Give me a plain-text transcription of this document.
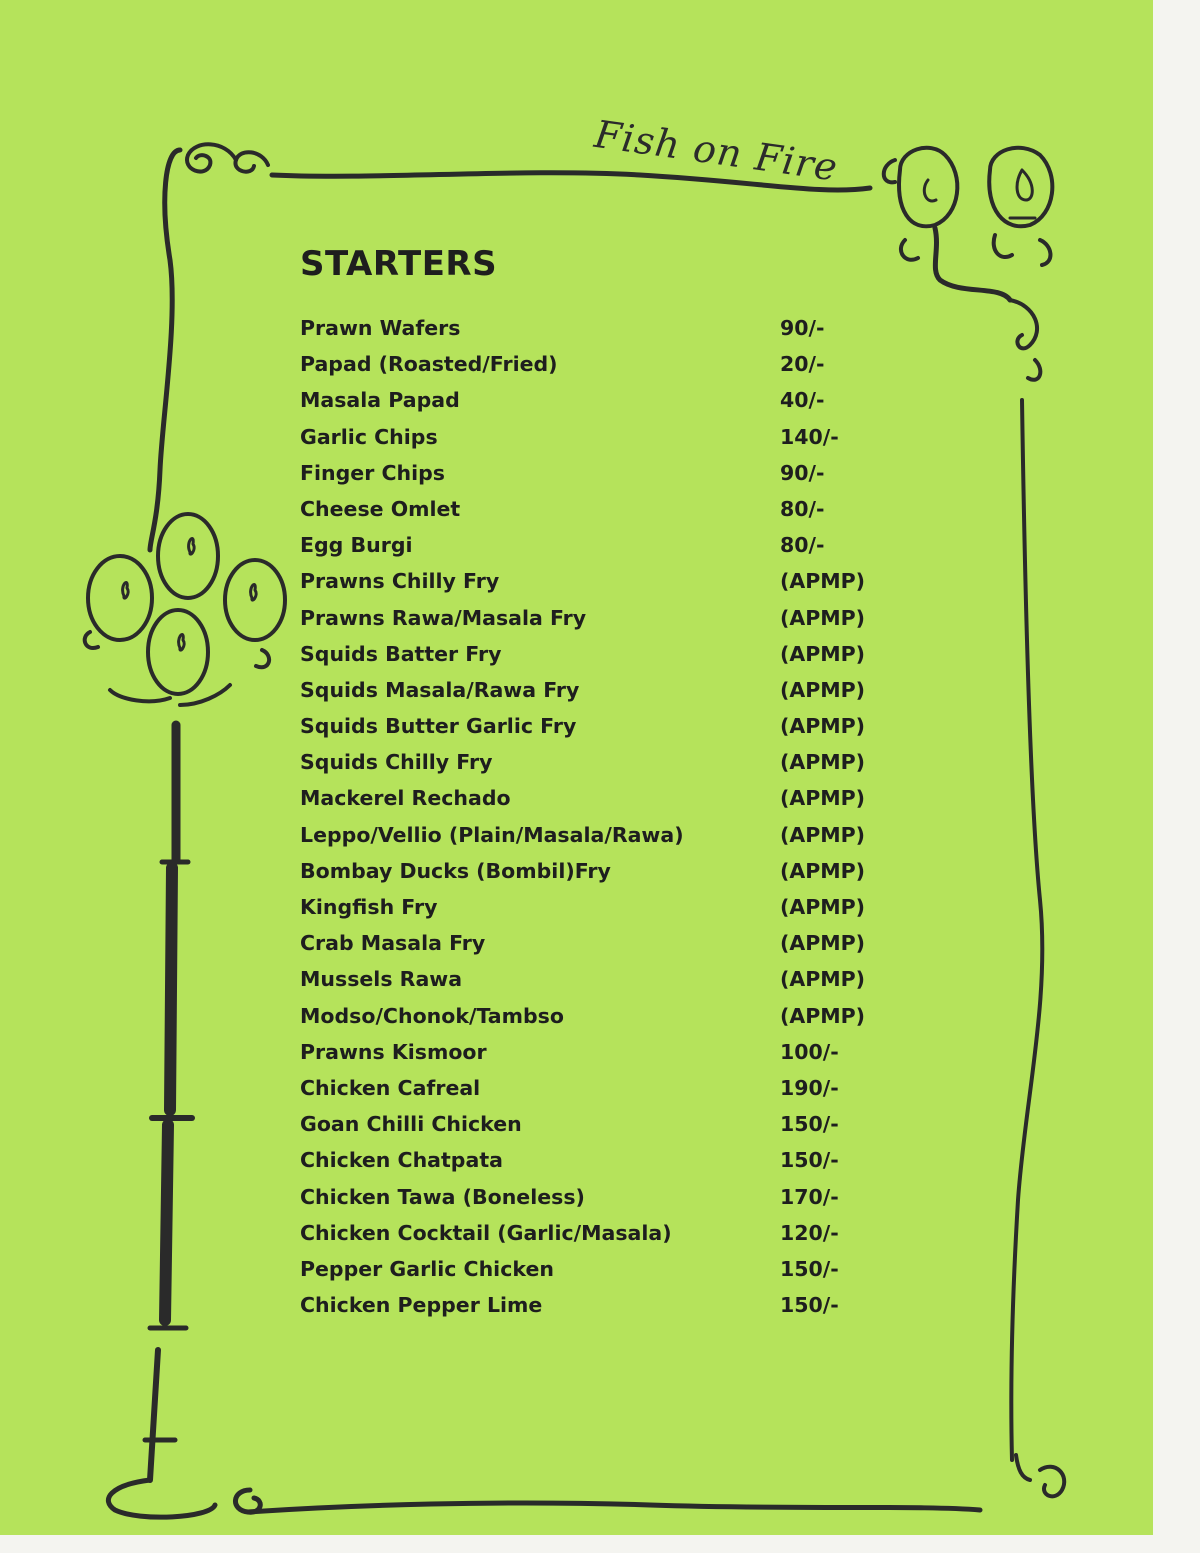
Fish on Fire
STARTERS
Prawn Wafers	90/-
Papad (Roasted/Fried)	20/-
Masala Papad	40/-
Garlic Chips	140/-
Finger Chips	90/-
Cheese Omlet	80/-
Egg Burgi	80/-
Prawns Chilly Fry	(APMP)
Prawns Rawa/Masala Fry	(APMP)
Squids Batter Fry	(APMP)
Squids Masala/Rawa Fry	(APMP)
Squids Butter Garlic Fry	(APMP)
Squids Chilly Fry	(APMP)
Mackerel Rechado	(APMP)
Leppo/Vellio (Plain/Masala/Rawa)	(APMP)
Bombay Ducks (Bombil)Fry	(APMP)
Kingfish Fry	(APMP)
Crab Masala Fry	(APMP)
Mussels Rawa	(APMP)
Modso/Chonok/Tambso	(APMP)
Prawns Kismoor	100/-
Chicken Cafreal	190/-
Goan Chilli Chicken	150/-
Chicken Chatpata	150/-
Chicken Tawa (Boneless)	170/-
Chicken Cocktail (Garlic/Masala)	120/-
Pepper Garlic Chicken	150/-
Chicken Pepper Lime	150/-
